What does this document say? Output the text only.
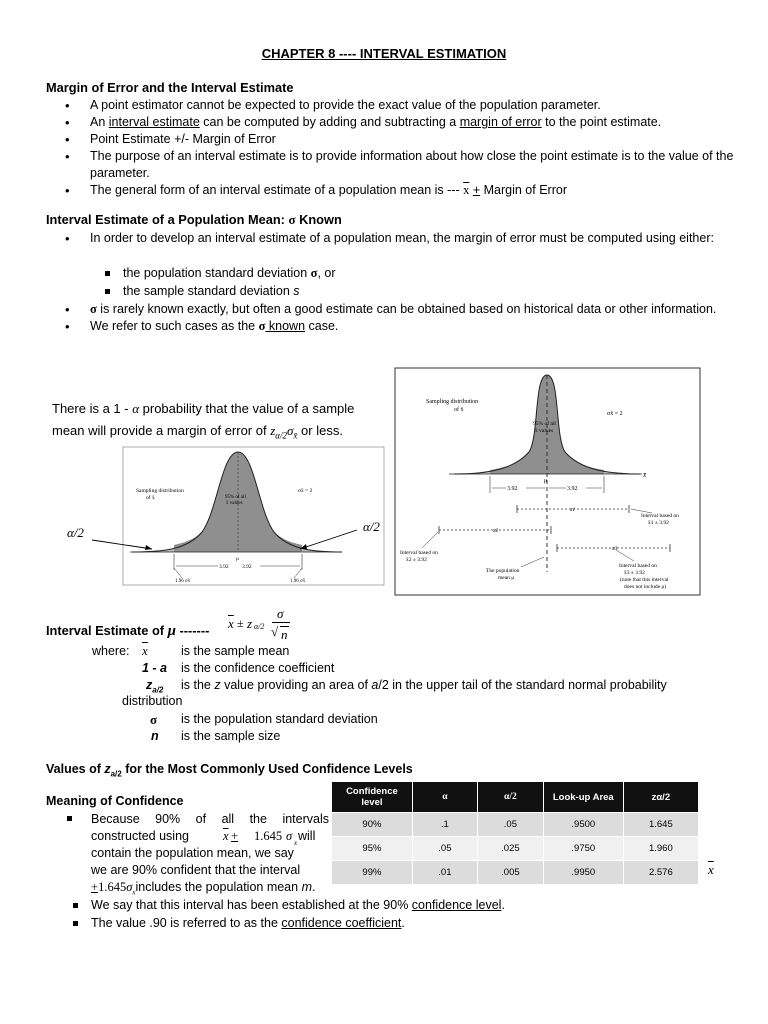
CHAPTER 8 ---- INTERVAL ESTIMATION
Margin of Error and the Interval Estimate
• A point estimator cannot be expected to provide the exact value of the population parameter.
• An interval estimate can be computed by adding and subtracting a margin of error to the point estimate.
• Point Estimate +/- Margin of Error
• The purpose of an interval estimate is to provide information about how close the point estimate is to the value of the parameter.
• The general form of an interval estimate of a population mean is --- $\overline{x}$ + Margin of Error
Interval Estimate of a Population Mean: σ Known
• In order to develop an interval estimate of a population mean, the margin of error must be computed using either:
the population standard deviation σ, or
the sample standard deviation s
• σ is rarely known exactly, but often a good estimate can be obtained based on historical data or other information.
• We refer to such cases as the σ known case.
There is a 1 - α probability that the value of a sample
mean will provide a margin of error of $z_{\alpha/2}\sigma_{x̄}$ or less.
Sampling distribution
of x̄
σx̄ = 2
95% of all
x̄ values
μ
3.92 3.92
1.96 σx̄	1.96 σx̄
α/2	α/2
x̄
Sampling distribution
of x̄
σx̄ = 2
95% of all
x̄ values
μ
3.92	3.92
x̄1
Interval based on
x̄1 ± 3.92
x̄2
Interval based on
x̄2 ± 3.92
x̄3
Interval based on
x̄3 ± 3.92
(note that this interval
does not include μ)
The population
mean μ
Interval Estimate of μ ------- $\overline{x} \pm z$ α/2
σ
√ n
where: $\overline{x}$	is the sample mean
1 - a is the confidence coefficient
$z_{a/2}$ is the z value providing an area of a/2 in the upper tail of the standard normal probability
distribution
σ is the population standard deviation
n is the sample size
Values of $z_{a/2}$ for the Most Commonly Used Confidence Levels
Confidence level	α	α/2	Look-up Area	zα/2
90%	.1	.05	.9500	1.645
95%	.05	.025	.9750	1.960
99%	.01	.005	.9950	2.576	$\overline{x}$
Meaning of Confidence
Because 90% of all the intervals
constructed using	$\overline{x} + 1.645$ σ x will
contain the population mean, we say
we are 90% confident that the interval
$+1.645\sigma_xincludes$ the population mean m.
We say that this interval has been established at the 90% confidence level.
The value .90 is referred to as the confidence coefficient.
